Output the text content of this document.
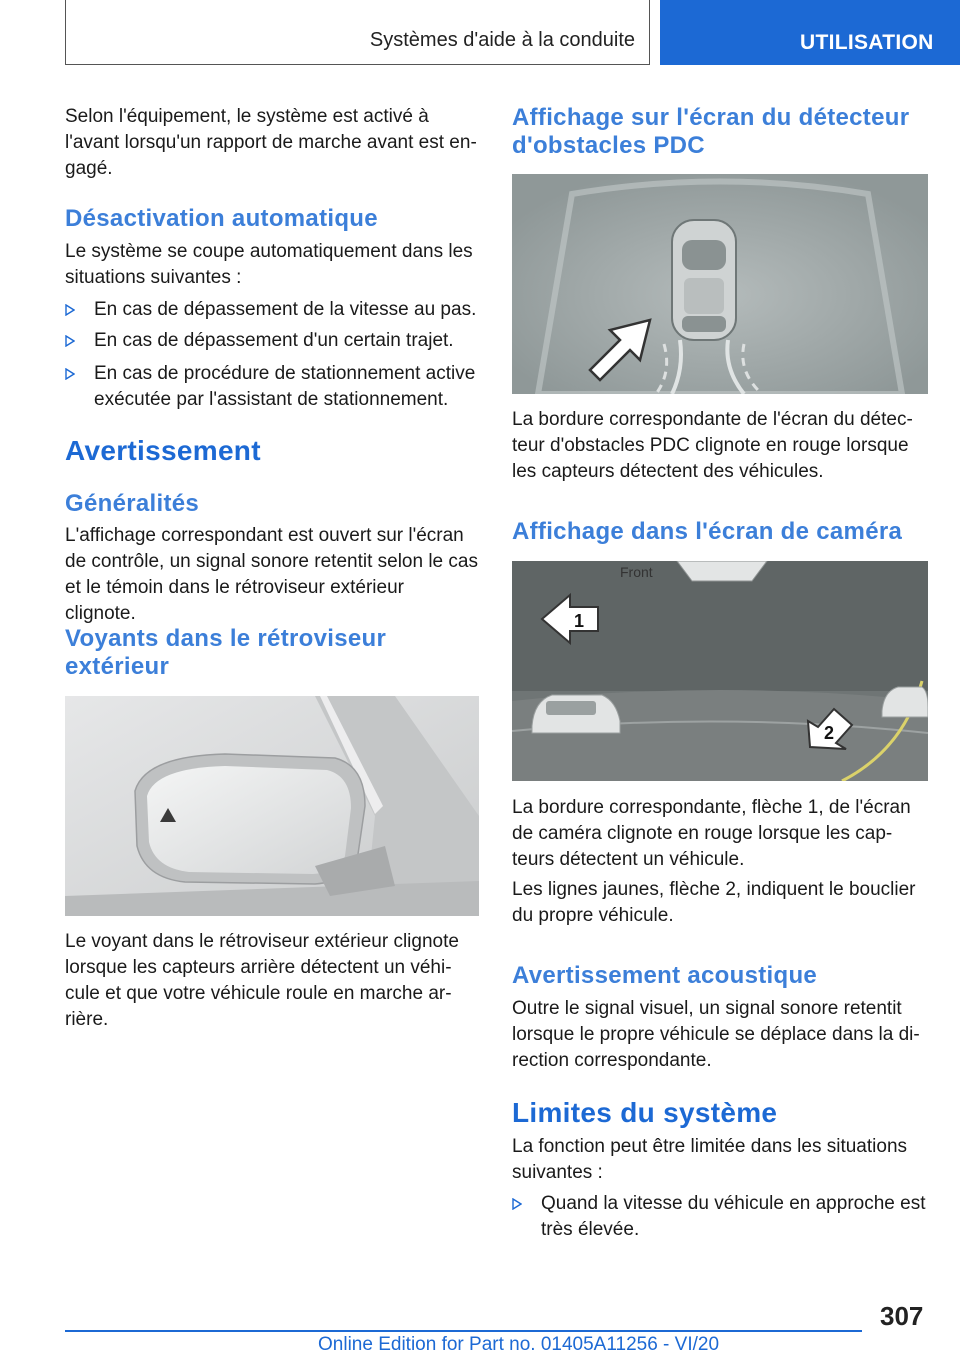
Systèmes d'aide à la conduite	UTILISATION
Selon l'équipement, le système est activé à
l'avant lorsqu'un rapport de marche avant est en-
gagé.
Désactivation automatique
Le système se coupe automatiquement dans les
situations suivantes :
En cas de dépassement de la vitesse au pas.
En cas de dépassement d'un certain trajet.
En cas de procédure de stationnement active
exécutée par l'assistant de stationnement.
Avertissement
Généralités
L'affichage correspondant est ouvert sur l'écran
de contrôle, un signal sonore retentit selon le cas
et le témoin dans le rétroviseur extérieur clignote.
Voyants dans le rétroviseur
extérieur
Le voyant dans le rétroviseur extérieur clignote
lorsque les capteurs arrière détectent un véhi-
cule et que votre véhicule roule en marche ar-
rière.
Affichage sur l'écran du détecteur
d'obstacles PDC
La bordure correspondante de l'écran du détec-
teur d'obstacles PDC clignote en rouge lorsque
les capteurs détectent des véhicules.
Affichage dans l'écran de caméra
Front
1
2
La bordure correspondante, flèche 1, de l'écran
de caméra clignote en rouge lorsque les cap-
teurs détectent un véhicule.
Les lignes jaunes, flèche 2, indiquent le bouclier
du propre véhicule.
Avertissement acoustique
Outre le signal visuel, un signal sonore retentit
lorsque le propre véhicule se déplace dans la di-
rection correspondante.
Limites du système
La fonction peut être limitée dans les situations
suivantes :
Quand la vitesse du véhicule en approche est
très élevée.
307
Online Edition for Part no. 01405A11256 - VI/20
